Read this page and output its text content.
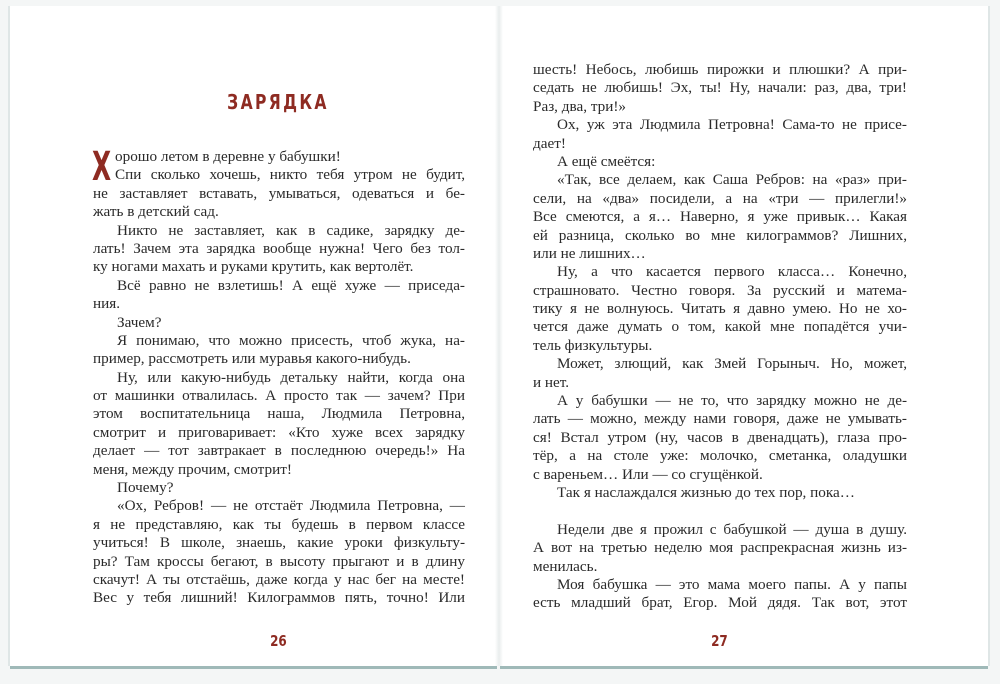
ЗАРЯДКА
Х орошо летом в деревне у бабушки!
Спи сколько хочешь, никто тебя утром не будит,
не заставляет вставать, умываться, одеваться и бе-
жать в детский сад.
Никто не заставляет, как в садике, зарядку де-
лать! Зачем эта зарядка вообще нужна! Чего без тол-
ку ногами махать и руками крутить, как вертолёт.
Всё равно не взлетишь! А ещё хуже — приседа-
ния.
Зачем?
Я понимаю, что можно присесть, чтоб жука, на-
пример, рассмотреть или муравья какого-нибудь.
Ну, или какую-нибудь детальку найти, когда она
от машинки отвалилась. А просто так — зачем? При
этом воспитательница наша, Людмила Петровна,
смотрит и приговаривает: «Кто хуже всех зарядку
делает — тот завтракает в последнюю очередь!» На
меня, между прочим, смотрит!
Почему?
«Ох, Ребров! — не отстаёт Людмила Петровна, —
я не представляю, как ты будешь в первом классе
учиться! В школе, знаешь, какие уроки физкульту-
ры? Там кроссы бегают, в высоту прыгают и в длину
скачут! А ты отстаёшь, даже когда у нас бег на месте!
Вес у тебя лишний! Килограммов пять, точно! Или
26
шесть! Небось, любишь пирожки и плюшки? А при-
седать не любишь! Эх, ты! Ну, начали: раз, два, три!
Раз, два, три!»
Ох, уж эта Людмила Петровна! Сама-то не присе-
дает!
А ещё смеётся:
«Так, все делаем, как Саша Ребров: на «раз» при-
сели, на «два» посидели, а на «три — прилегли!»
Все смеются, а я… Наверно, я уже привык… Какая
ей разница, сколько во мне килограммов? Лишних,
или не лишних…
Ну, а что касается первого класса… Конечно,
страшновато. Честно говоря. За русский и матема-
тику я не волнуюсь. Читать я давно умею. Но не хо-
чется даже думать о том, какой мне попадётся учи-
тель физкультуры.
Может, злющий, как Змей Горыныч. Но, может,
и нет.
А у бабушки — не то, что зарядку можно не де-
лать — можно, между нами говоря, даже не умывать-
ся! Встал утром (ну, часов в двенадцать), глаза про-
тёр, а на столе уже: молочко, сметанка, оладушки
с вареньем… Или — со сгущёнкой.
Так я наслаждался жизнью до тех пор, пока…
Недели две я прожил с бабушкой — душа в душу.
А вот на третью неделю моя распрекрасная жизнь из-
менилась.
Моя бабушка — это мама моего папы. А у папы
есть младший брат, Егор. Мой дядя. Так вот, этот
27
